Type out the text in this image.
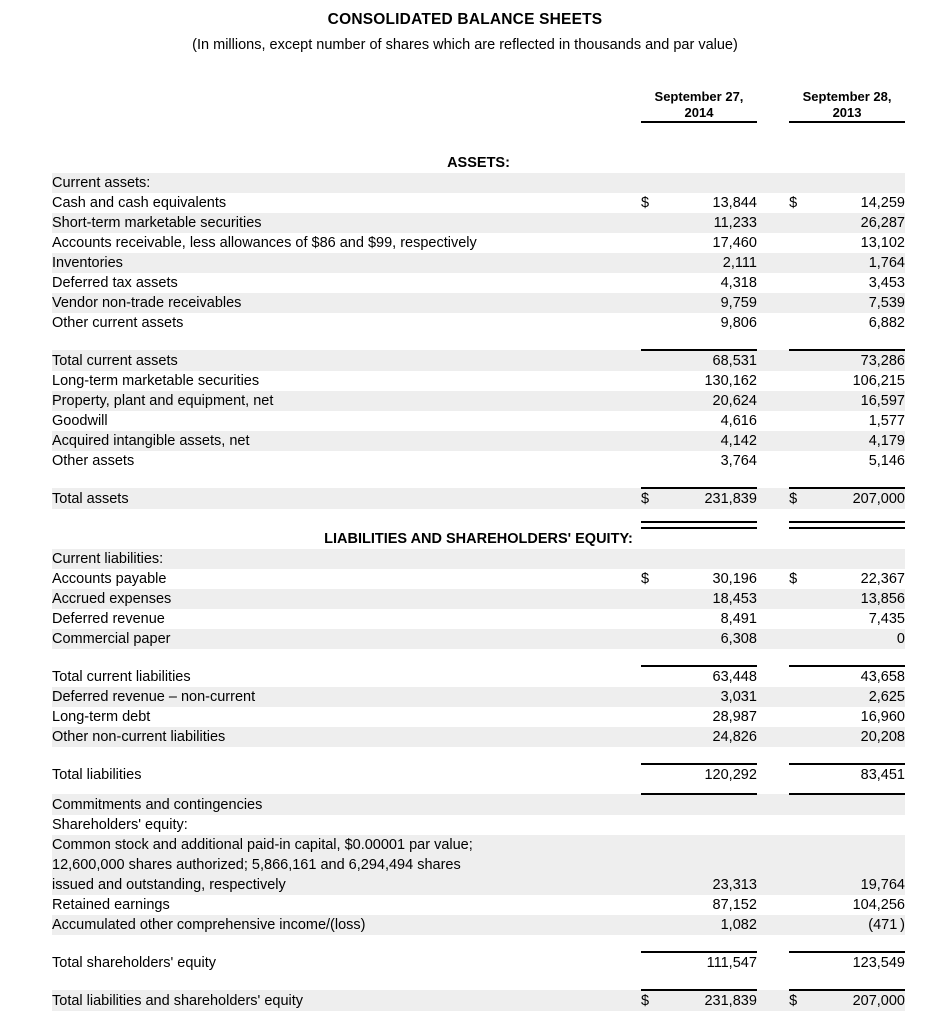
CONSOLIDATED BALANCE SHEETS
(In millions, except number of shares which are reflected in thousands and par value)

September 27,
2014

September 28,
2013

ASSETS:					
Current assets:					
Cash and cash equivalents	$	13,844		$	14,259
Short-term marketable securities		11,233			26,287
Accounts receivable, less allowances of $86 and $99, respectively		17,460			13,102
Inventories		2,111			1,764
Deferred tax assets		4,318			3,453
Vendor non-trade receivables		9,759			7,539
Other current assets		9,806			6,882

Total current assets		68,531			73,286
Long-term marketable securities		130,162			106,215
Property, plant and equipment, net		20,624			16,597
Goodwill		4,616			1,577
Acquired intangible assets, net		4,142			4,179
Other assets		3,764			5,146

Total assets	$	231,839		$	207,000

LIABILITIES AND SHAREHOLDERS' EQUITY:					
Current liabilities:					
Accounts payable	$	30,196		$	22,367
Accrued expenses		18,453			13,856
Deferred revenue		8,491			7,435
Commercial paper		6,308			0

Total current liabilities		63,448			43,658
Deferred revenue – non-current		3,031			2,625
Long-term debt		28,987			16,960
Other non-current liabilities		24,826			20,208

Total liabilities		120,292			83,451

Commitments and contingencies					
Shareholders' equity:					
Common stock and additional paid-in capital, $0.00001 par value;					
12,600,000 shares authorized; 5,866,161 and 6,294,494 shares					
issued and outstanding, respectively		23,313			19,764
Retained earnings		87,152			104,256
Accumulated other comprehensive income/(loss)		1,082			(471 )

Total shareholders' equity		111,547			123,549

Total liabilities and shareholders' equity	$	231,839		$	207,000
